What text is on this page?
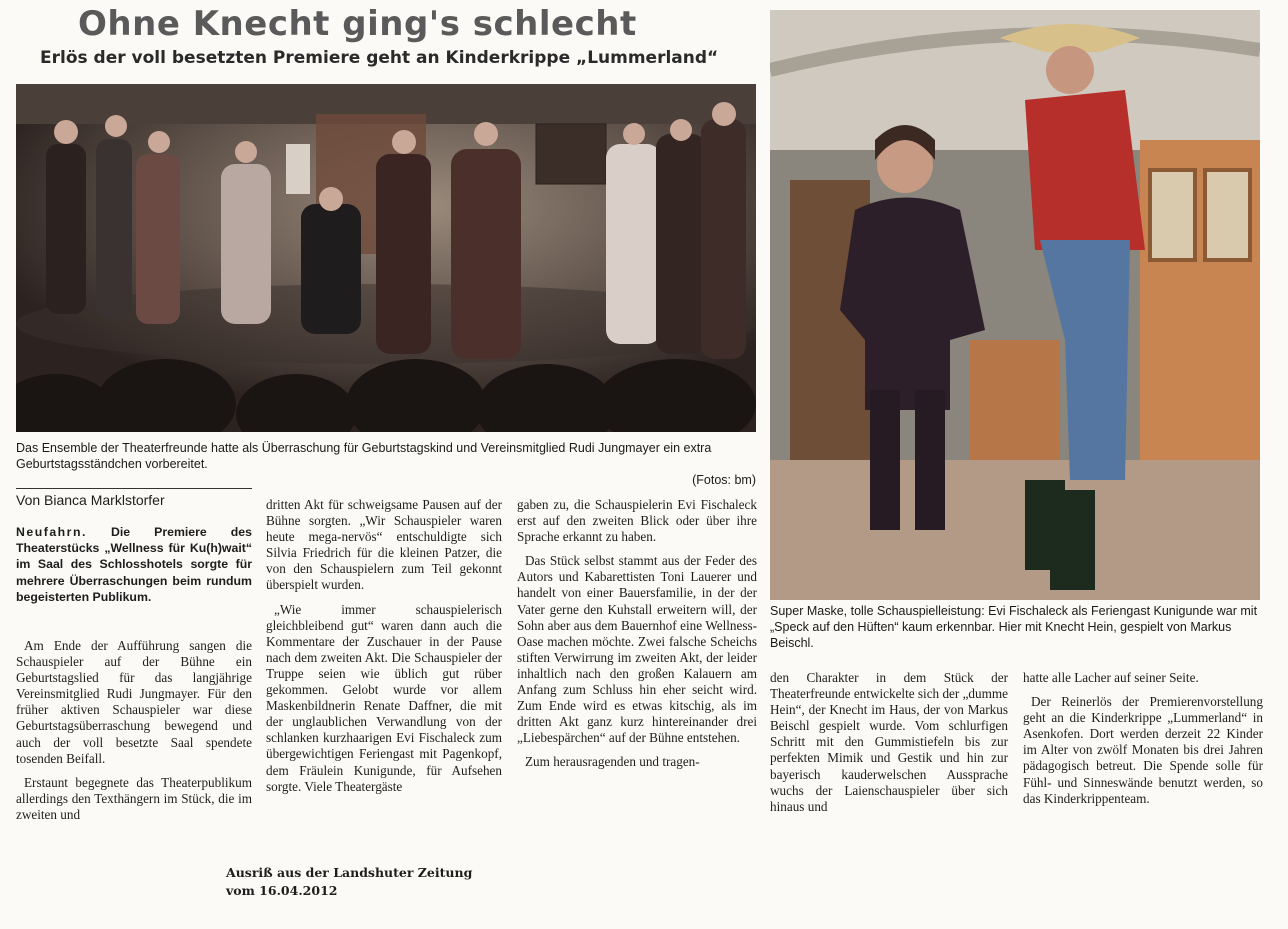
Ohne Knecht ging's schlecht
Erlös der voll besetzten Premiere geht an Kinderkrippe „Lummerland“
Das Ensemble der Theaterfreunde hatte als Überraschung für Geburtstagskind und Vereinsmitglied Rudi Jungmayer ein extra Geburtstagsständchen vorbereitet.
(Fotos: bm)
Super Maske, tolle Schauspielleistung: Evi Fischaleck als Feriengast Kunigunde war mit „Speck auf den Hüften“ kaum erkennbar. Hier mit Knecht Hein, gespielt von Markus Beischl.
Von Bianca Marklstorfer
Neufahrn. Die Premiere des Theaterstücks „Wellness für Ku(h)wait“ im Saal des Schlosshotels sorgte für mehrere Überraschungen beim rundum begeisterten Publikum.

Am Ende der Aufführung sangen die Schauspieler auf der Bühne ein Geburtstagslied für das langjährige Vereinsmitglied Rudi Jungmayer. Für den früher aktiven Schauspieler war diese Geburtstagsüberraschung bewegend und auch der voll besetzte Saal spendete tosenden Beifall.

Erstaunt begegnete das Theaterpublikum allerdings den Texthängern im Stück, die im zweiten und

dritten Akt für schweigsame Pausen auf der Bühne sorgten. „Wir Schauspieler waren heute mega-nervös“ entschuldigte sich Silvia Friedrich für die kleinen Patzer, die von den Schauspielern zum Teil gekonnt überspielt wurden.

„Wie immer schauspielerisch gleichbleibend gut“ waren dann auch die Kommentare der Zuschauer in der Pause nach dem zweiten Akt. Die Schauspieler der Truppe seien wie üblich gut rüber gekommen. Gelobt wurde vor allem Maskenbildnerin Renate Daffner, die mit der unglaublichen Verwandlung von der schlanken kurzhaarigen Evi Fischaleck zum übergewichtigen Feriengast mit Pagenkopf, dem Fräulein Kunigunde, für Aufsehen sorgte. Viele Theatergäste

gaben zu, die Schauspielerin Evi Fischaleck erst auf den zweiten Blick oder über ihre Sprache erkannt zu haben.

Das Stück selbst stammt aus der Feder des Autors und Kabarettisten Toni Lauerer und handelt von einer Bauersfamilie, in der der Vater gerne den Kuhstall erweitern will, der Sohn aber aus dem Bauernhof eine Wellness-Oase machen möchte. Zwei falsche Scheichs stiften Verwirrung im zweiten Akt, der leider inhaltlich nach den großen Kalauern am Anfang zum Schluss hin eher seicht wird. Zum Ende wird es etwas kitschig, als im dritten Akt ganz kurz hintereinander drei „Liebespärchen“ auf der Bühne entstehen.

Zum herausragenden und tragen-

den Charakter in dem Stück der Theaterfreunde entwickelte sich der „dumme Hein“, der Knecht im Haus, der von Markus Beischl gespielt wurde. Vom schlurfigen Schritt mit den Gummistiefeln bis zur perfekten Mimik und Gestik und hin zur bayerisch kauderwelschen Aussprache wuchs der Laienschauspieler über sich hinaus und

hatte alle Lacher auf seiner Seite.

Der Reinerlös der Premierenvorstellung geht an die Kinderkrippe „Lummerland“ in Asenkofen. Dort werden derzeit 22 Kinder im Alter von zwölf Monaten bis drei Jahren pädagogisch betreut. Die Spende solle für Fühl- und Sinneswände benutzt werden, so das Kinderkrippenteam.

Ausriß aus der Landshuter Zeitung
vom 16.04.2012
